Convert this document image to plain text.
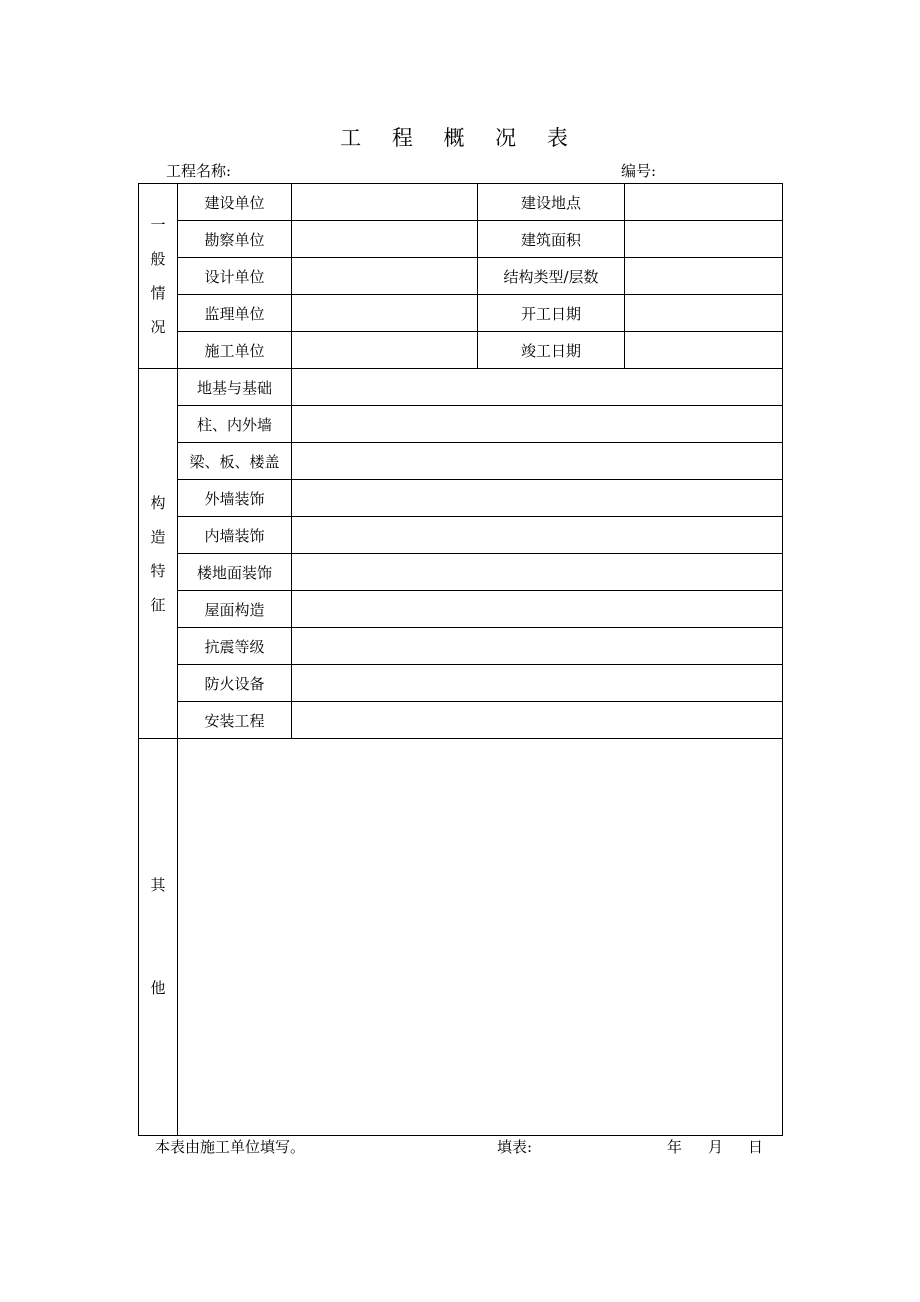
工 程 概 况 表
工程名称:	编号:
一
般
情
况	建设单位		建设地点	
	勘察单位		建筑面积	
	设计单位		结构类型/层数	
	监理单位		开工日期	
	施工单位		竣工日期	

构
造
特
征	地基与基础			
	柱、内外墙			
	梁、板、楼盖			
	外墙装饰			
	内墙装饰			
	楼地面装饰			
	屋面构造			
	抗震等级			
	防火设备			
	安装工程			

其
他				

本表由施工单位填写。	填表:	年 月 日
